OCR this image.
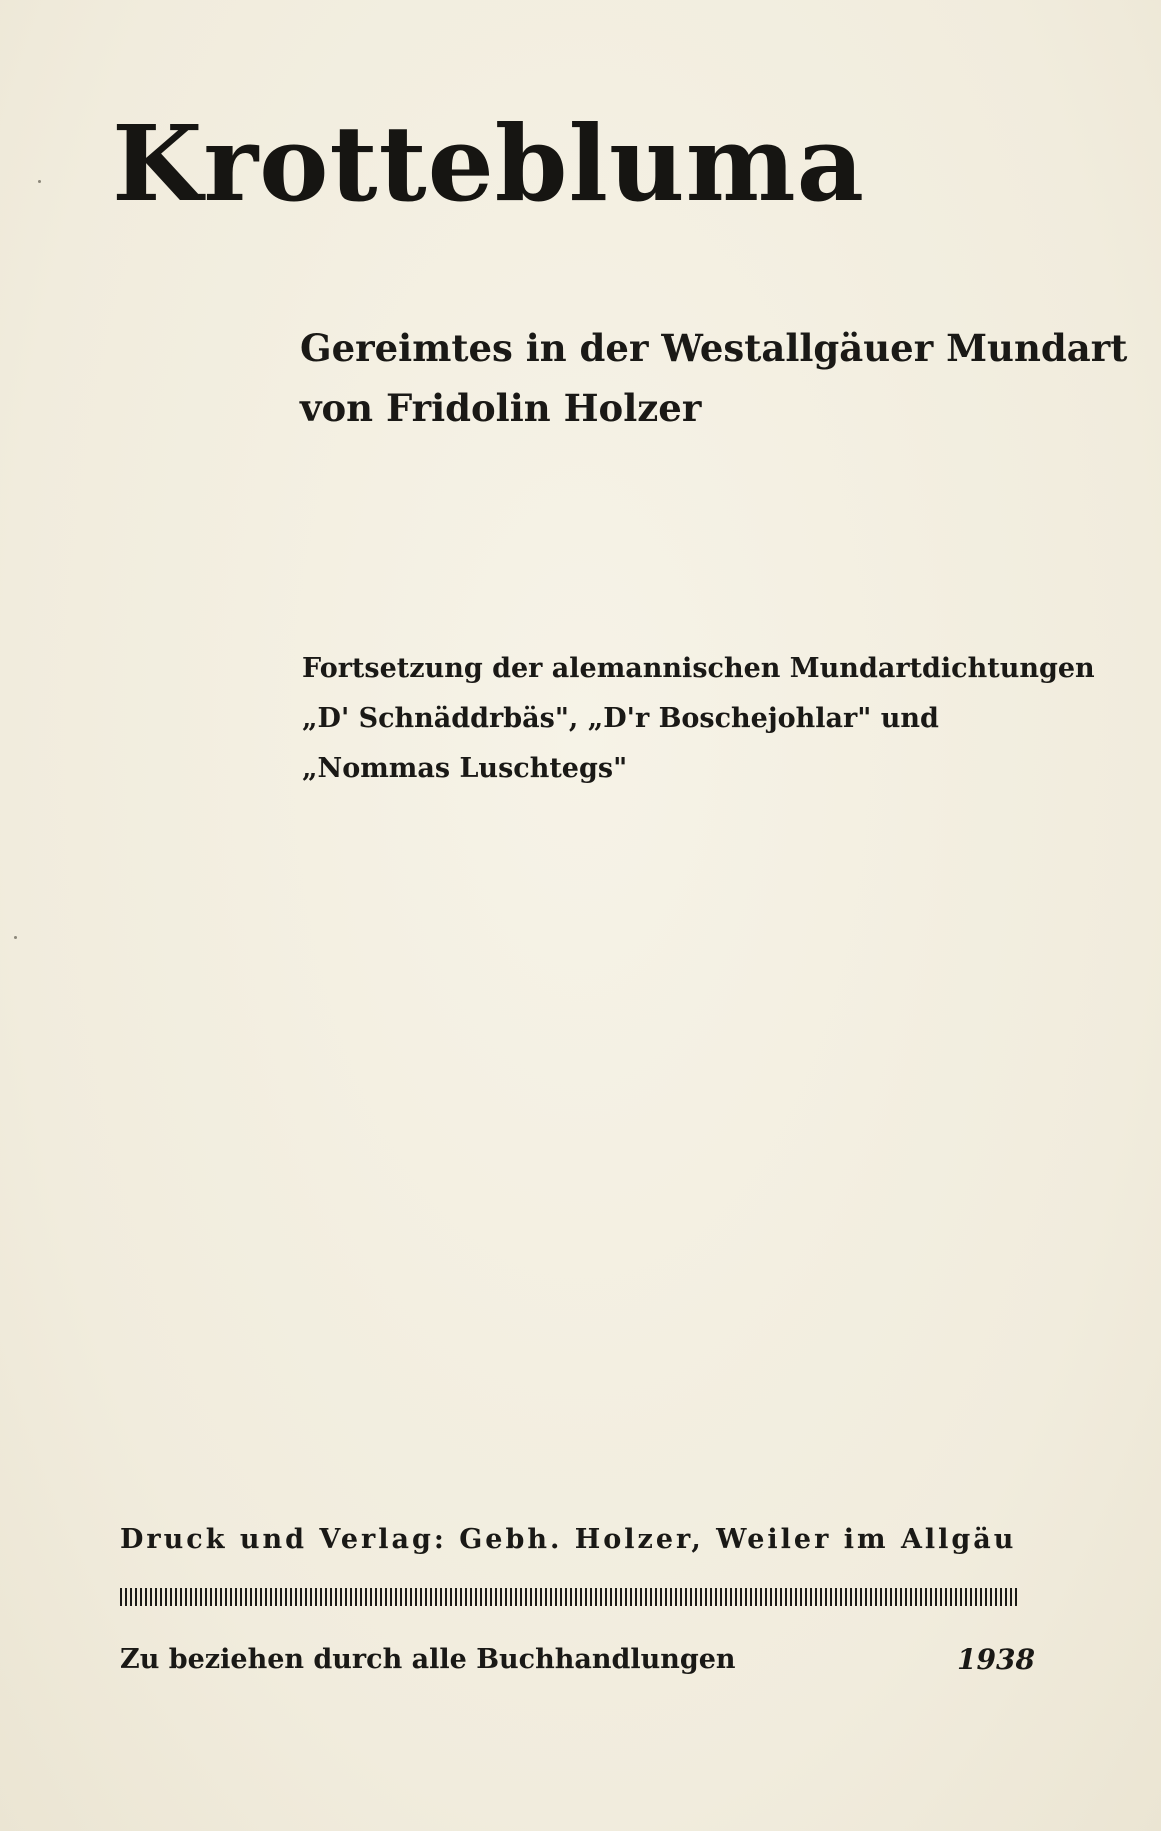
Krottebluma
Gereimtes in der Westallgäuer Mundart
von Fridolin Holzer
Fortsetzung der alemannischen Mundartdichtungen
„D' Schnäddrbäs", „D'r Boschejohlar" und
„Nommas Luschtegs"
Druck und Verlag: Gebh. Holzer, Weiler im Allgäu
Zu beziehen durch alle Buchhandlungen	1938
